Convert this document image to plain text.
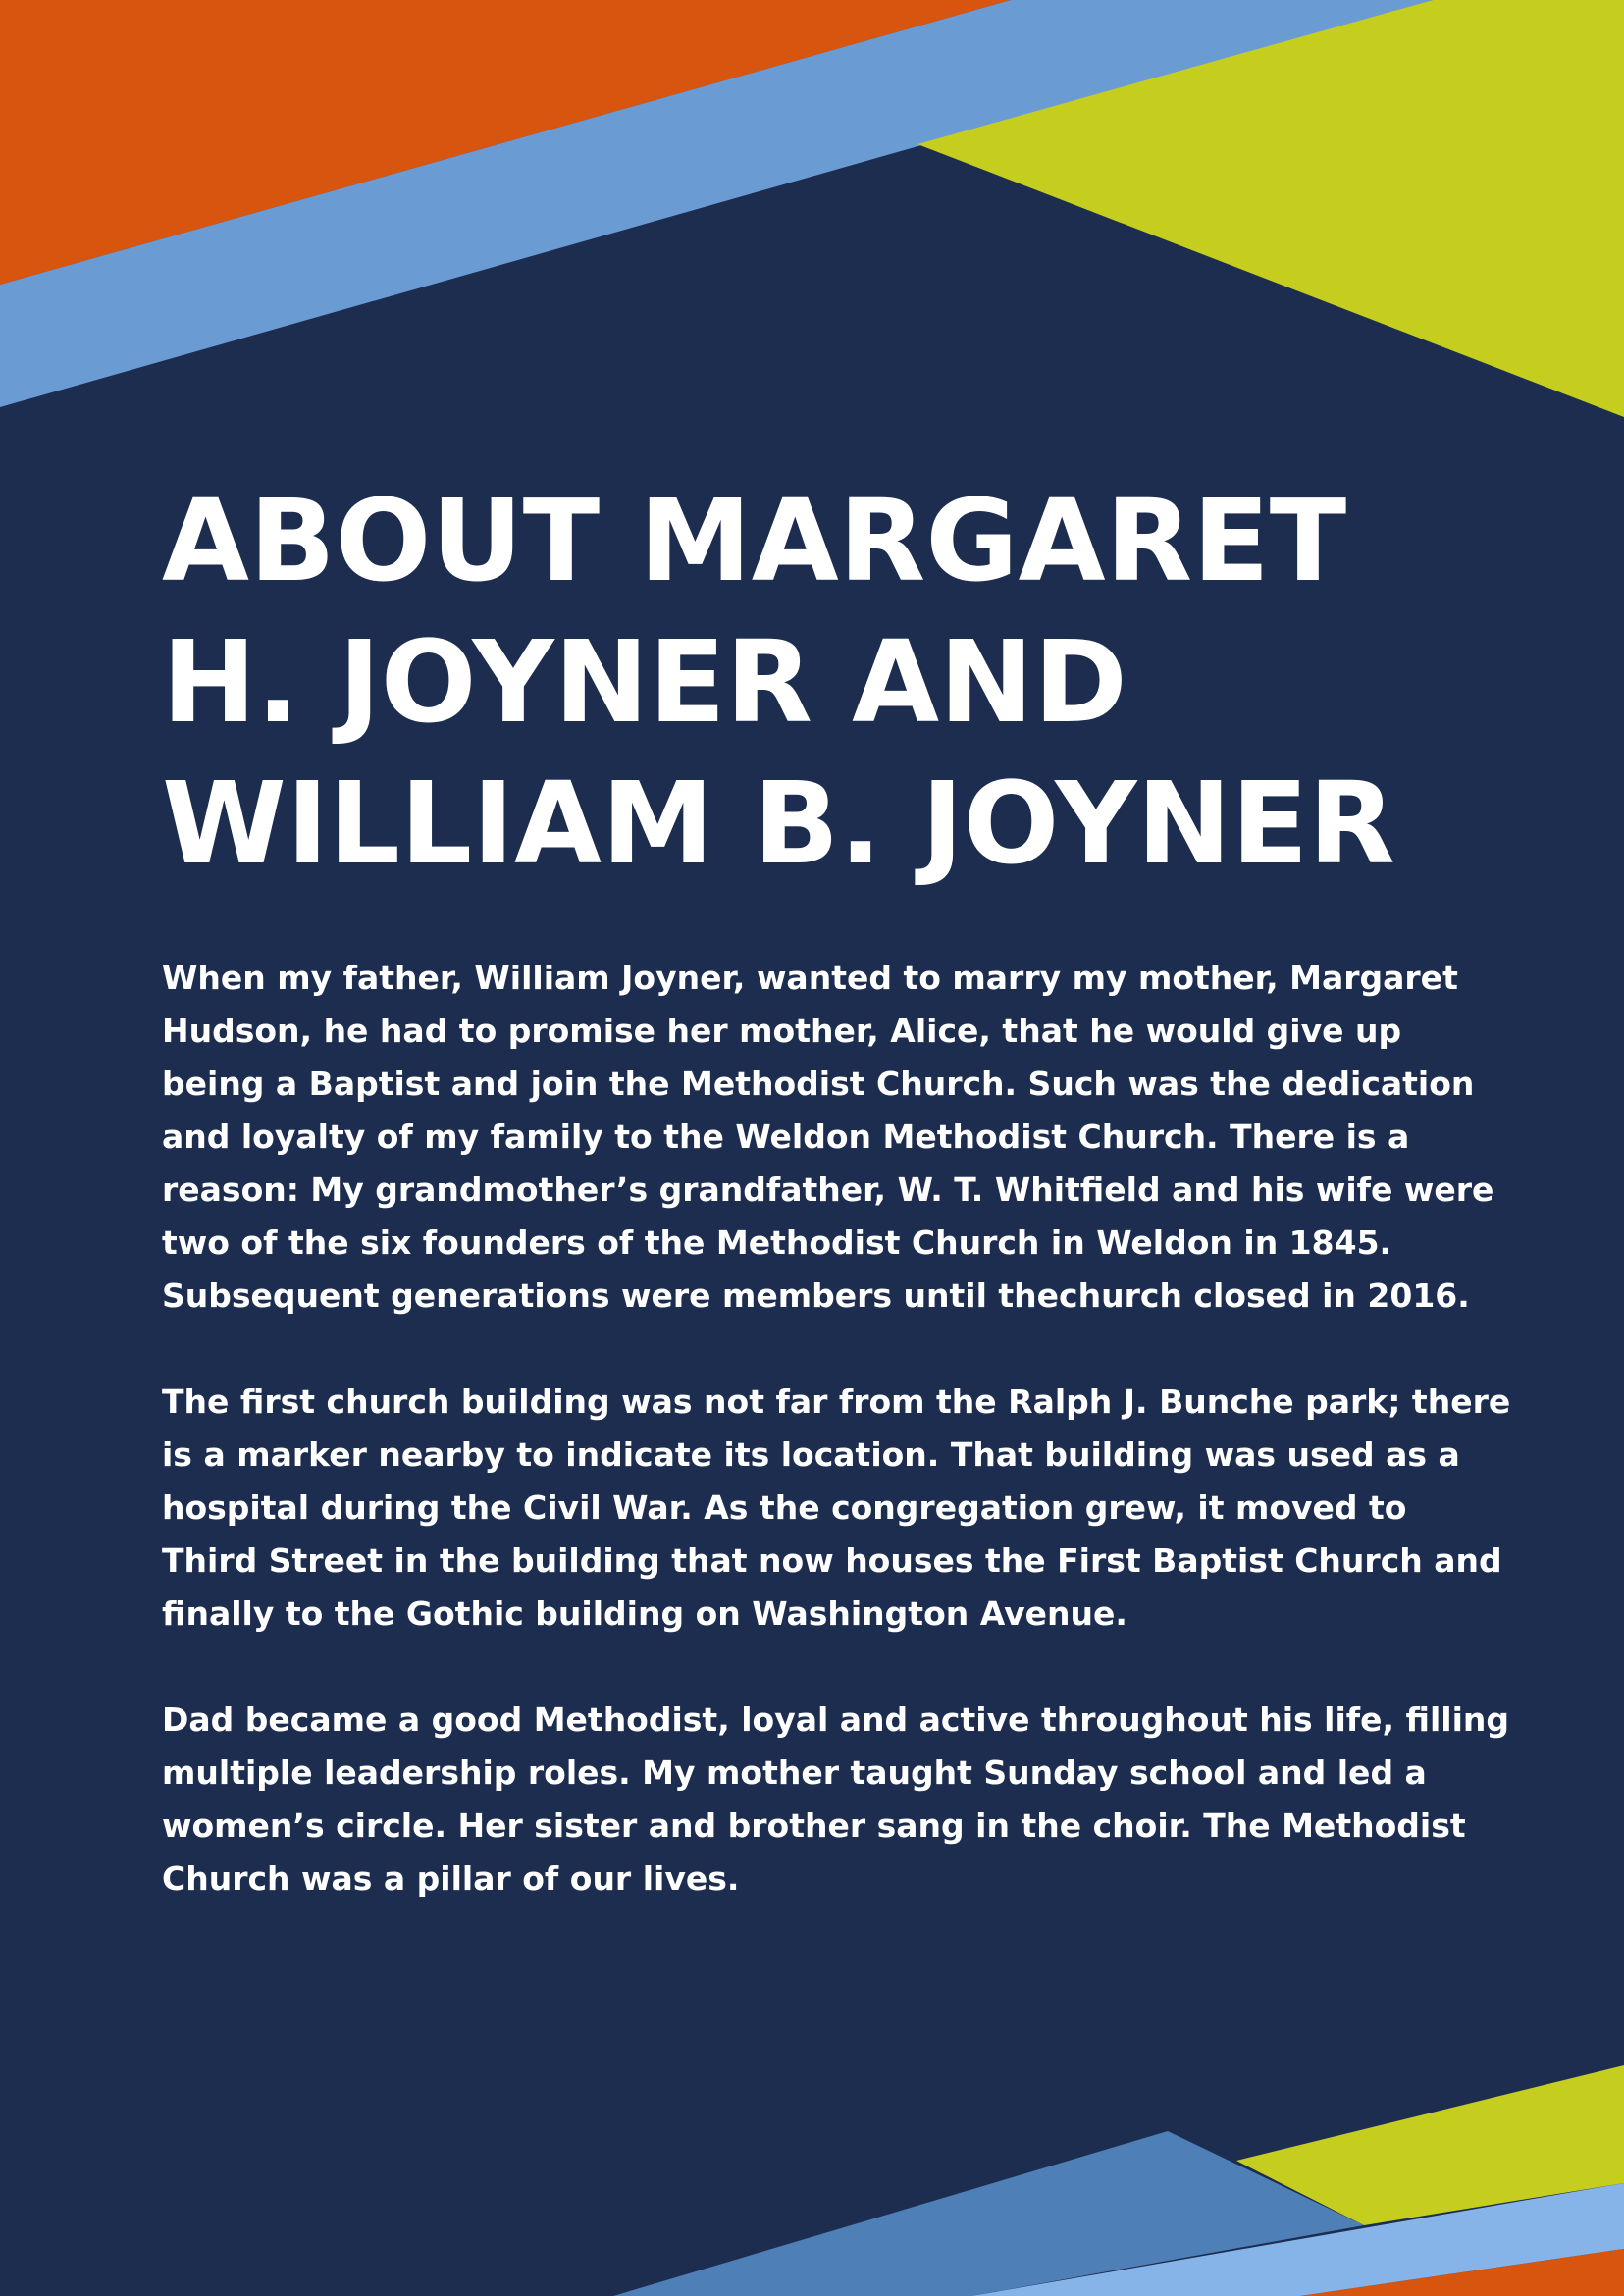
ABOUT MARGARET
H. JOYNER AND
WILLIAM B. JOYNER

When my father, William Joyner, wanted to marry my mother, Margaret
Hudson, he had to promise her mother, Alice, that he would give up
being a Baptist and join the Methodist Church. Such was the dedication
and loyalty of my family to the Weldon Methodist Church. There is a
reason: My grandmother’s grandfather, W. T. Whitfield and his wife were
two of the six founders of the Methodist Church in Weldon in 1845.
Subsequent generations were members until thechurch closed in 2016.

The first church building was not far from the Ralph J. Bunche park; there
is a marker nearby to indicate its location. That building was used as a
hospital during the Civil War. As the congregation grew, it moved to
Third Street in the building that now houses the First Baptist Church and
finally to the Gothic building on Washington Avenue.

Dad became a good Methodist, loyal and active throughout his life, filling
multiple leadership roles. My mother taught Sunday school and led a
women’s circle. Her sister and brother sang in the choir. The Methodist
Church was a pillar of our lives.
